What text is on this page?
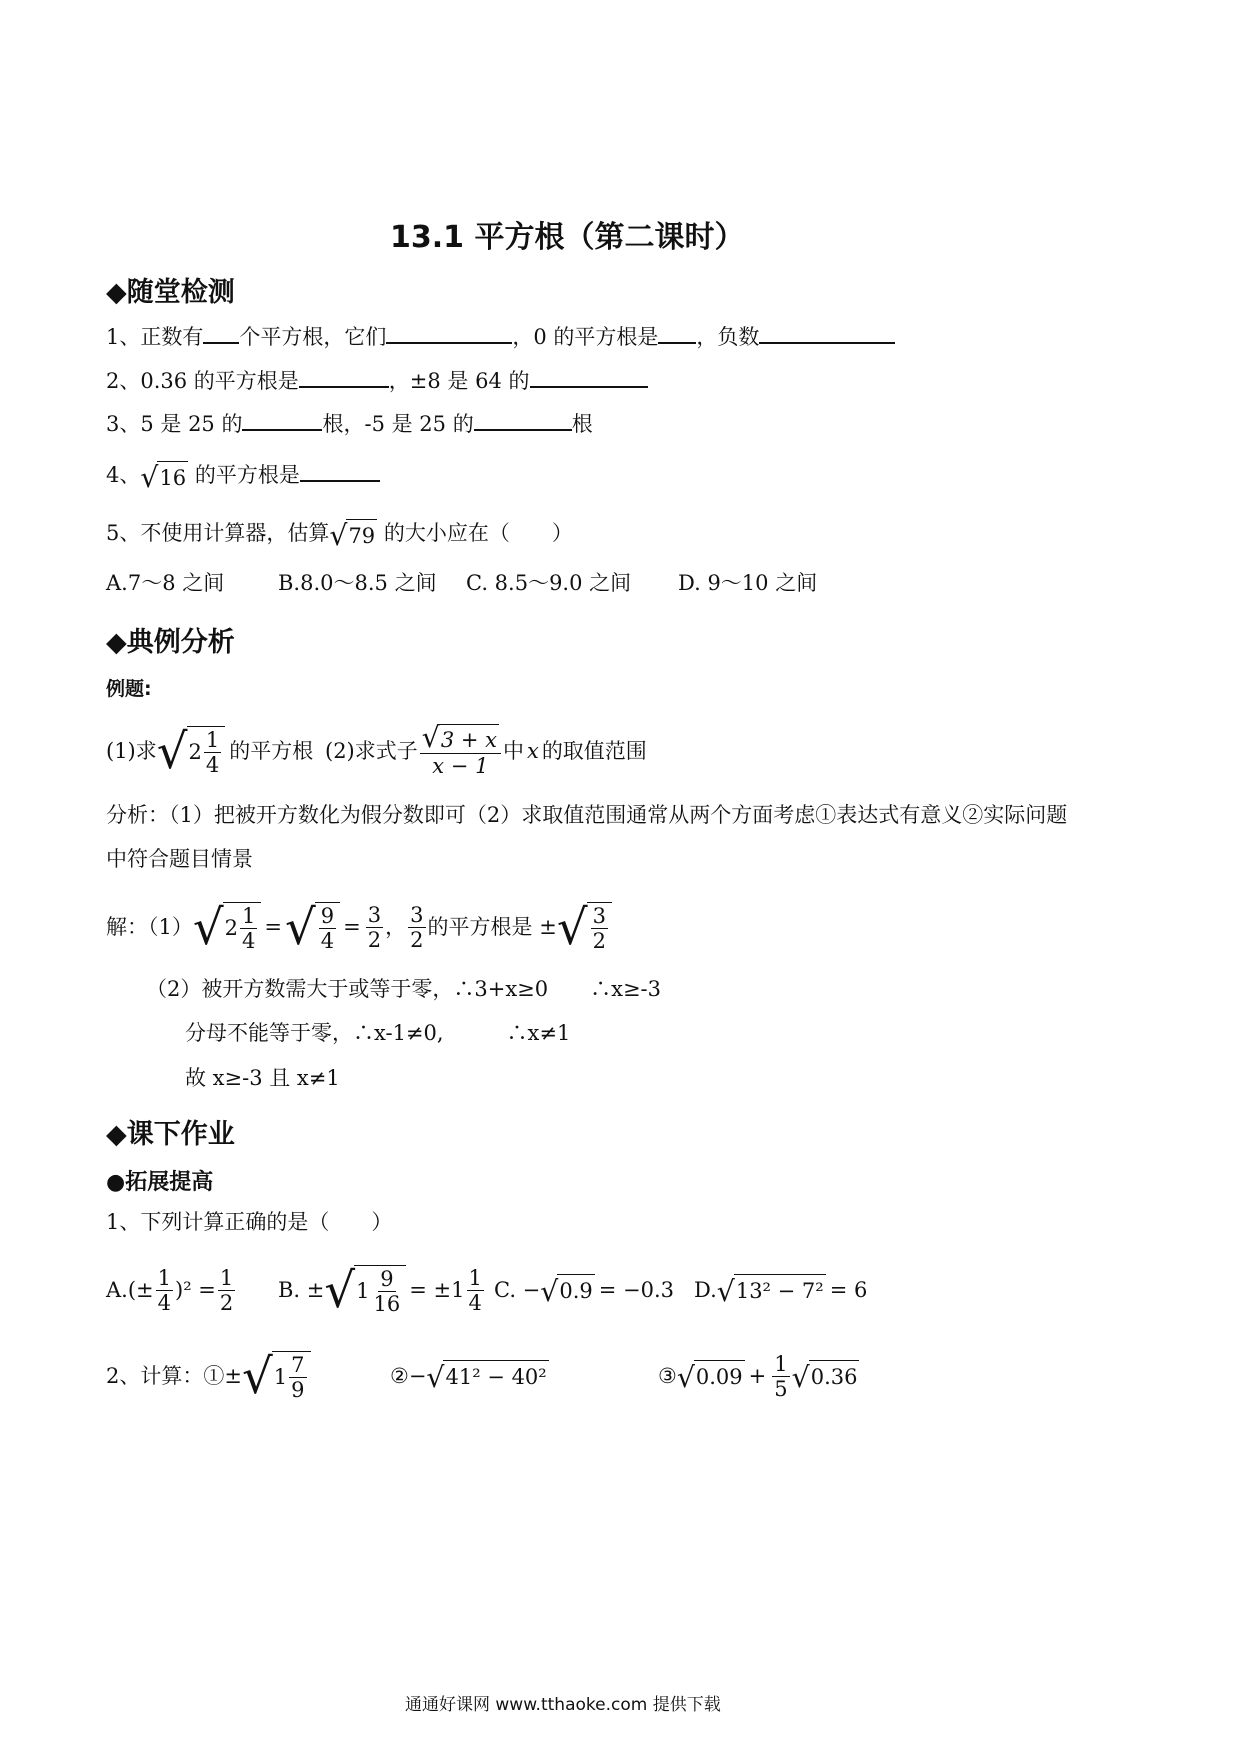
13.1 平方根（第二课时）
◆随堂检测
1、正数有 个平方根，它们	，0 的平方根是 ，负数
2、0.36 的平方根是	，±8 是 64 的
3、5 是 25 的	根，-5 是 25 的	根
4、 √ 16 的平方根是
5、不使用计算器，估算 √ 79 的大小应在（　　）
A.7～8 之间	B.8.0～8.5 之间 C. 8.5～9.0 之间 D. 9～10 之间
◆典例分析
例题:
(1)求 √ $2 \frac{1}{4}$ 的平方根 (2)求式子 $\frac{√ 3 + x}{x - 1}$ 中 x 的取值范围
分析：（1）把被开方数化为假分数即可（2）求取值范围通常从两个方面考虑①表达式有意义②实际问题
中符合题目情景
解：（1） √ $2 \frac{1}{4}$ = √ $\frac{9}{4} = \frac{3}{2}$ ， $\frac{3}{2}$ 的平方根是 ± √ $\frac{3}{2}$
（2）被开方数需大于或等于零，∴3+x≥0　　∴x≥-3
分母不能等于零，∴x-1≠0,　　　∴x≠1
故 x≥-3 且 x≠1
◆课下作业
●拓展提高
1、下列计算正确的是（　　）
A. (± $\frac{1}{4} )^2 = \frac{1}{2} B$. ± √ $1 \frac{9}{16} = \pm 1 \frac{1}{4} C$. − √ 0.9 = −0.3 D. √ 13² − 7² = 6
2、计算：①± √ $1 \frac{7}{9}$	②− √ 41² − 40²	③ √ $0.09 + \frac{1}{5}$ √ 0.36
通通好课网 www.tthaoke.com 提供下载
